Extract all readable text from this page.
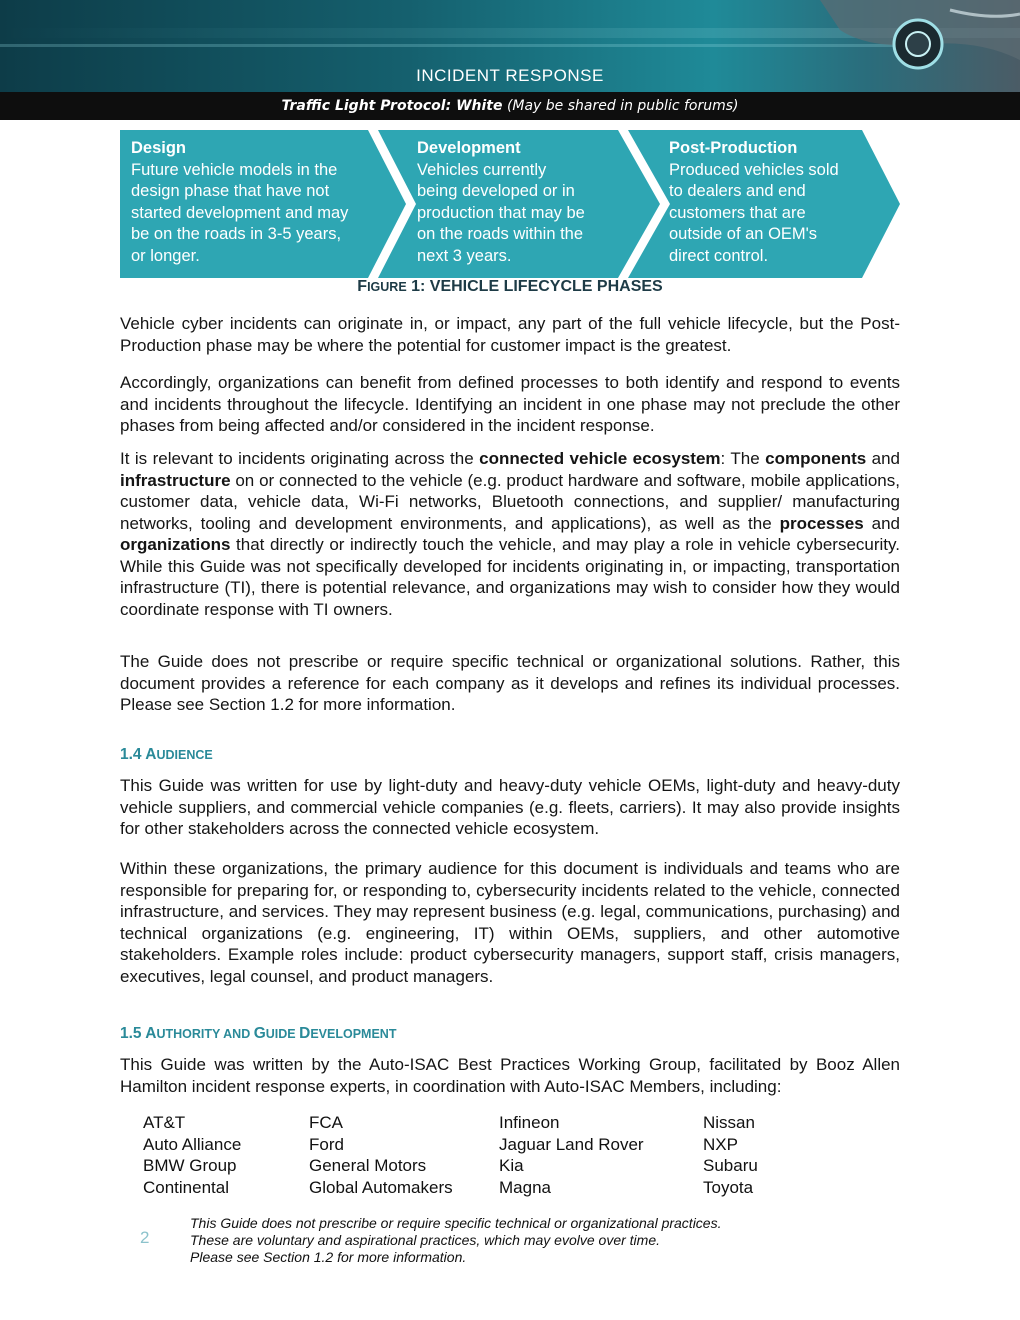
INCIDENT RESPONSE
Traffic Light Protocol: White (May be shared in public forums)
Design
Future vehicle models in the
design phase that have not
started development and may
be on the roads in 3-5 years,
or longer.
Development
Vehicles currently
being developed or in
production that may be
on the roads within the
next 3 years.
Post-Production
Produced vehicles sold
to dealers and end
customers that are
outside of an OEM's
direct control.
FIGURE 1: VEHICLE LIFECYCLE PHASES
Vehicle cyber incidents can originate in, or impact, any part of the full vehicle lifecycle, but the Post-Production phase may be where the potential for customer impact is the greatest.
Accordingly, organizations can benefit from defined processes to both identify and respond to events and incidents throughout the lifecycle. Identifying an incident in one phase may not preclude the other phases from being affected and/or considered in the incident response.
It is relevant to incidents originating across the connected vehicle ecosystem: The components and infrastructure on or connected to the vehicle (e.g. product hardware and software, mobile applications, customer data, vehicle data, Wi-Fi networks, Bluetooth connections, and supplier/ manufacturing networks, tooling and development environments, and applications), as well as the processes and organizations that directly or indirectly touch the vehicle, and may play a role in vehicle cybersecurity. While this Guide was not specifically developed for incidents originating in, or impacting, transportation infrastructure (TI), there is potential relevance, and organizations may wish to consider how they would coordinate response with TI owners.
The Guide does not prescribe or require specific technical or organizational solutions. Rather, this document provides a reference for each company as it develops and refines its individual processes. Please see Section 1.2 for more information.
1.4 AUDIENCE
This Guide was written for use by light-duty and heavy-duty vehicle OEMs, light-duty and heavy-duty vehicle suppliers, and commercial vehicle companies (e.g. fleets, carriers). It may also provide insights for other stakeholders across the connected vehicle ecosystem.
Within these organizations, the primary audience for this document is individuals and teams who are responsible for preparing for, or responding to, cybersecurity incidents related to the vehicle, connected infrastructure, and services. They may represent business (e.g. legal, communications, purchasing) and technical organizations (e.g. engineering, IT) within OEMs, suppliers, and other automotive stakeholders. Example roles include: product cybersecurity managers, support staff, crisis managers, executives, legal counsel, and product managers.
1.5 AUTHORITY AND GUIDE DEVELOPMENT
This Guide was written by the Auto-ISAC Best Practices Working Group, facilitated by Booz Allen Hamilton incident response experts, in coordination with Auto-ISAC Members, including:
AT&T
Auto Alliance
BMW Group
Continental
FCA
Ford
General Motors
Global Automakers
Infineon
Jaguar Land Rover
Kia
Magna
Nissan
NXP
Subaru
Toyota
2
This Guide does not prescribe or require specific technical or organizational practices.
These are voluntary and aspirational practices, which may evolve over time.
Please see Section 1.2 for more information.
